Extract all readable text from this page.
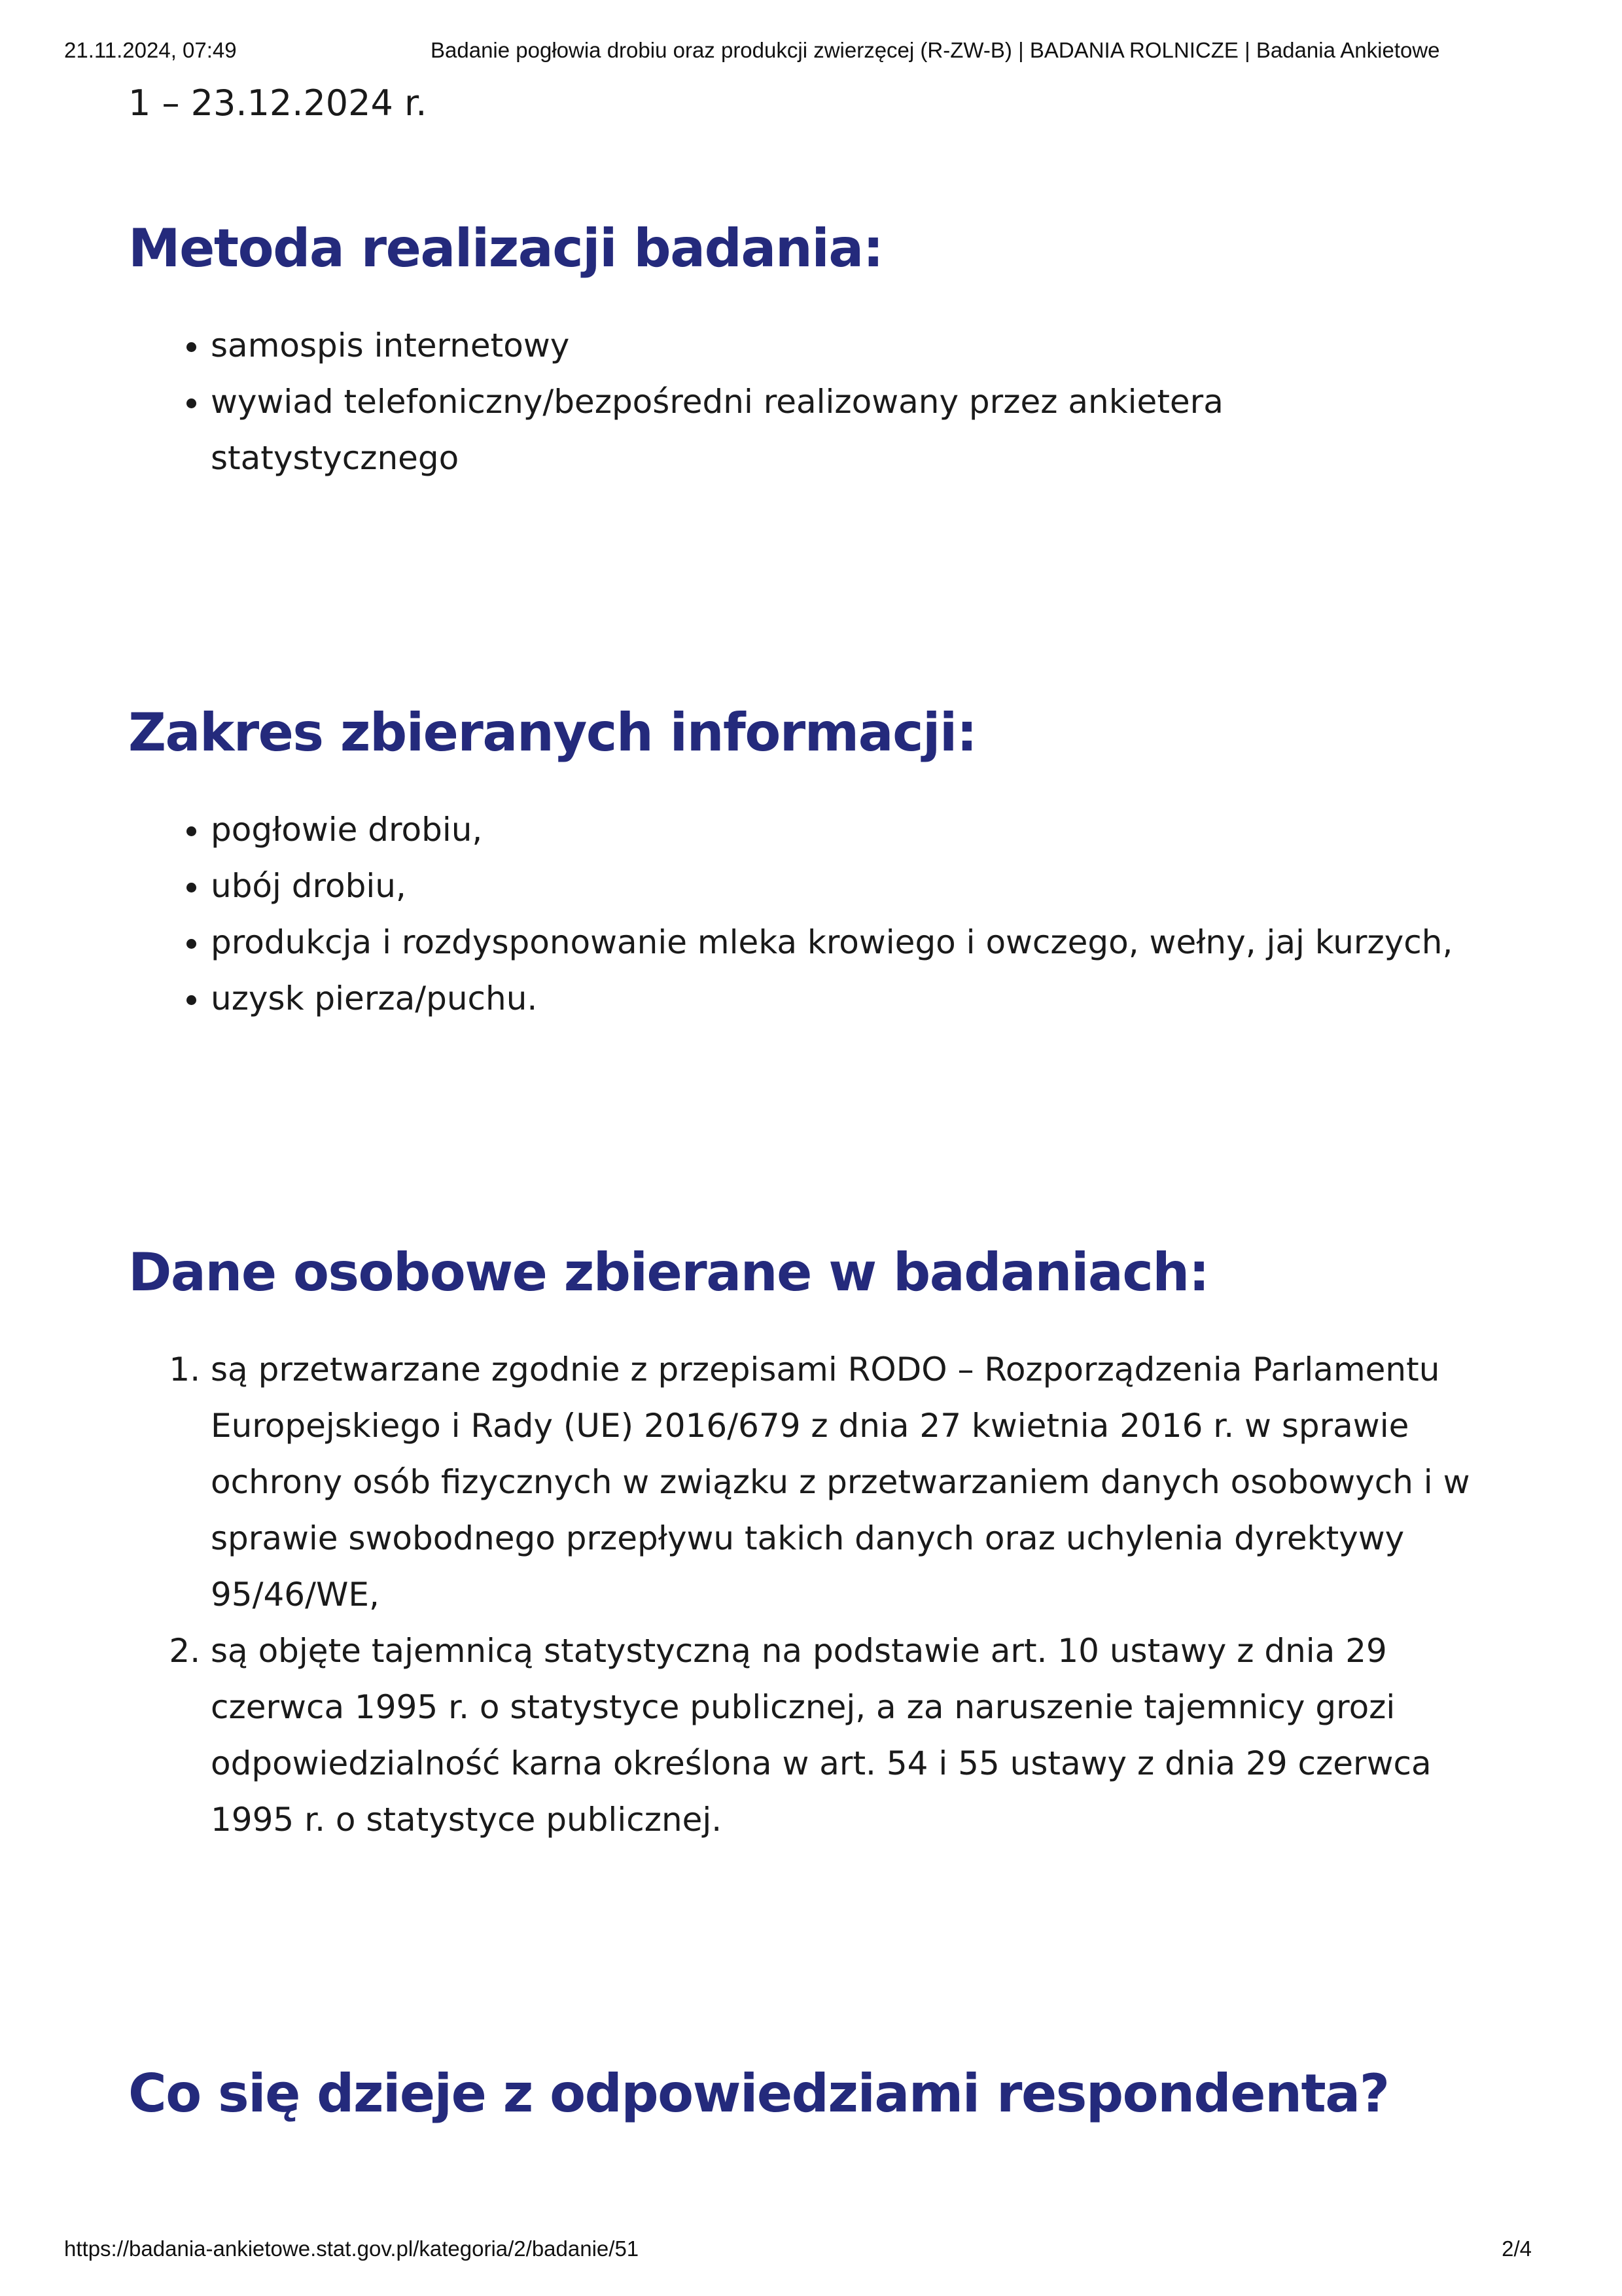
21.11.2024, 07:49	Badanie pogłowia drobiu oraz produkcji zwierzęcej (R-ZW-B) | BADANIA ROLNICZE | Badania Ankietowe

1 – 23.12.2024 r.

Metoda realizacji badania:
• samospis internetowy
• wywiad telefoniczny/bezpośredni realizowany przez ankietera statystycznego
Zakres zbieranych informacji:
• pogłowie drobiu,
• ubój drobiu,
• produkcja i rozdysponowanie mleka krowiego i owczego, wełny, jaj kurzych,
• uzysk pierza/puchu.
Dane osobowe zbierane w badaniach:
1. są przetwarzane zgodnie z przepisami RODO – Rozporządzenia Parlamentu Europejskiego i Rady (UE) 2016/679 z dnia 27 kwietnia 2016 r. w sprawie ochrony osób fizycznych w związku z przetwarzaniem danych osobowych i w sprawie swobodnego przepływu takich danych oraz uchylenia dyrektywy 95/46/WE,
2. są objęte tajemnicą statystyczną na podstawie art. 10 ustawy z dnia 29 czerwca 1995 r. o statystyce publicznej, a za naruszenie tajemnicy grozi odpowiedzialność karna określona w art. 54 i 55 ustawy z dnia 29 czerwca 1995 r. o statystyce publicznej.
Co się dzieje z odpowiedziami respondenta?
https://badania-ankietowe.stat.gov.pl/kategoria/2/badanie/51	2/4
